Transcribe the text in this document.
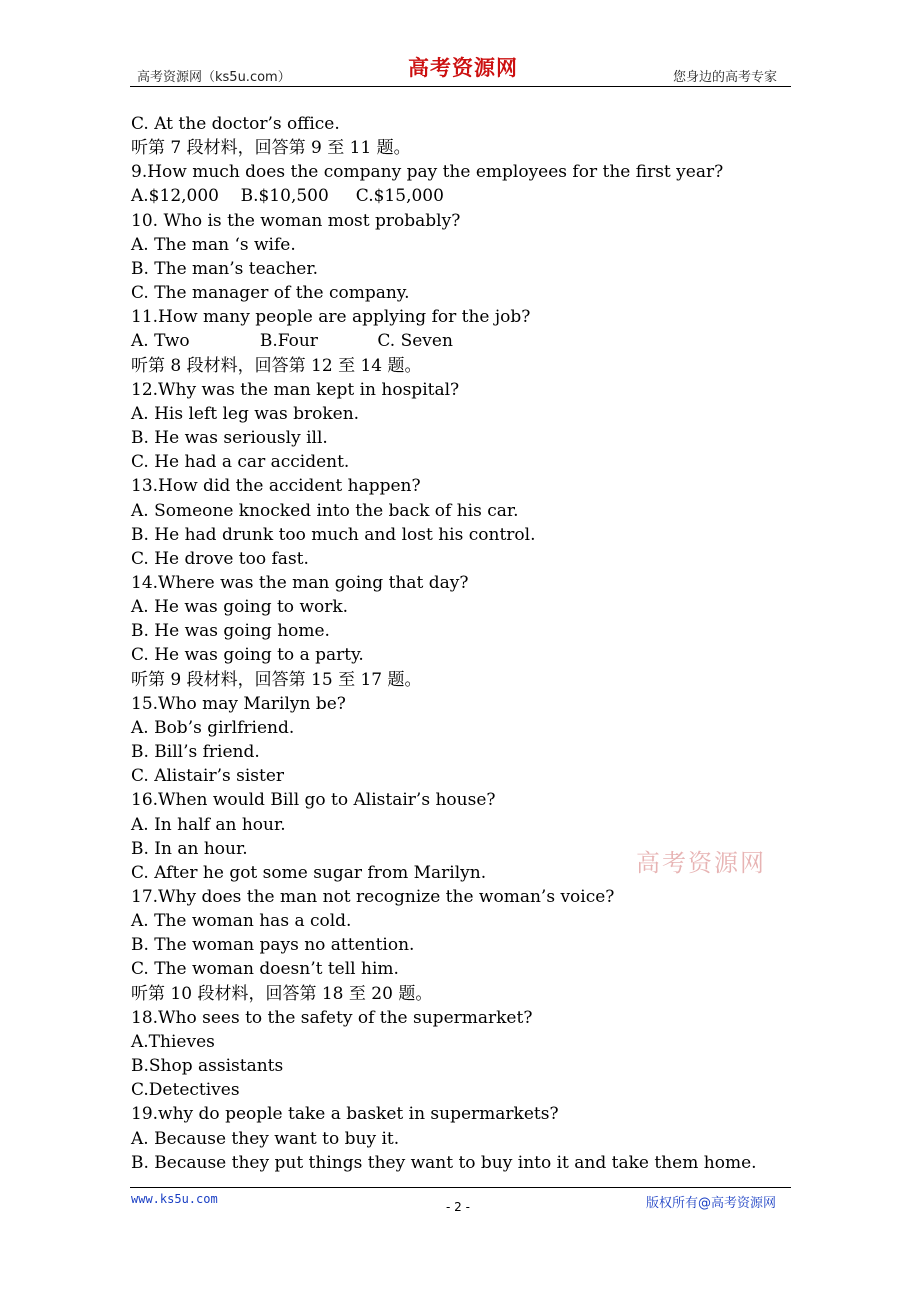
高考资源网（ks5u.com）	高考资源网	您身边的高考专家
C. At the doctor’s office.
听第 7 段材料，回答第 9 至 11 题。
9.How much does the company pay the employees for the first year?
A.$12,000    B.$10,500     C.$15,000
10. Who is the woman most probably?
A. The man ‘s wife.
B. The man’s teacher.
C. The manager of the company.
11.How many people are applying for the job?
A. Two             B.Four           C. Seven
听第 8 段材料，回答第 12 至 14 题。
12.Why was the man kept in hospital?
A. His left leg was broken.
B. He was seriously ill.
C. He had a car accident.
13.How did the accident happen?
A. Someone knocked into the back of his car.
B. He had drunk too much and lost his control.
C. He drove too fast.
14.Where was the man going that day?
A. He was going to work.
B. He was going home.
C. He was going to a party.
听第 9 段材料，回答第 15 至 17 题。
15.Who may Marilyn be?
A. Bob’s girlfriend.
B. Bill’s friend.
C. Alistair’s sister
16.When would Bill go to Alistair’s house?
A. In half an hour.
B. In an hour.
C. After he got some sugar from Marilyn.
17.Why does the man not recognize the woman’s voice?
A. The woman has a cold.
B. The woman pays no attention.
C. The woman doesn’t tell him.
听第 10 段材料，回答第 18 至 20 题。
18.Who sees to the safety of the supermarket?
A.Thieves
B.Shop assistants
C.Detectives
19.why do people take a basket in supermarkets?
A. Because they want to buy it.
B. Because they put things they want to buy into it and take them home.
高考资源网
www.ks5u.com
- 2 -	版权所有@高考资源网
